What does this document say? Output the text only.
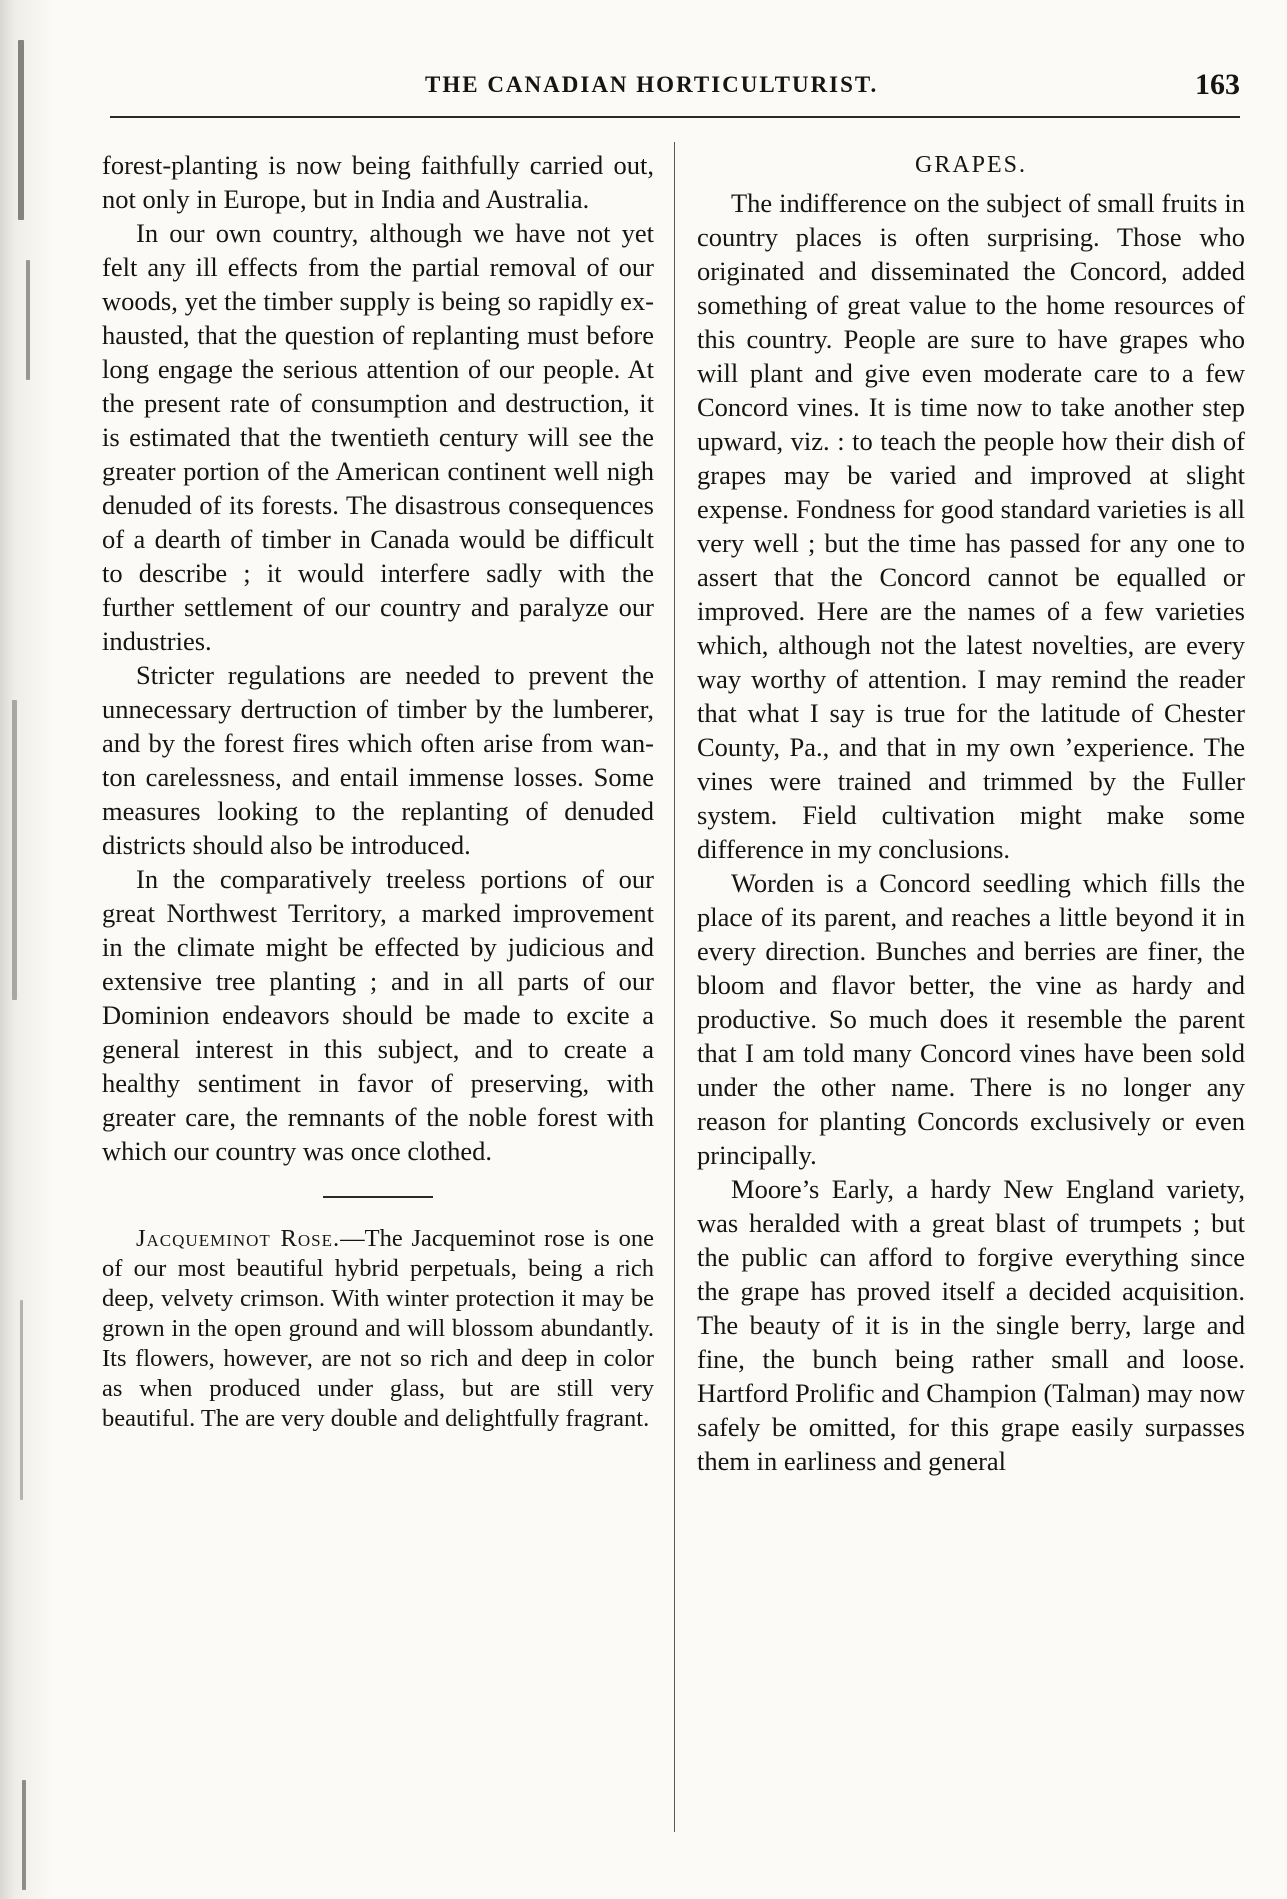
THE CANADIAN HORTICULTURIST.	163

forest-planting is now being faithfully carried out, not only in Europe, but in India and Australia.

In our own country, although we have not yet felt any ill effects from the partial removal of our woods, yet the timber supply is being so rapidly exhausted, that the question of replanting must before long engage the serious attention of our people. At the present rate of consumption and destruction, it is estimated that the twentieth century will see the greater portion of the American continent well nigh denuded of its forests. The disastrous consequences of a dearth of timber in Canada would be difficult to describe ; it would interfere sadly with the further settlement of our country and paralyze our industries.

Stricter regulations are needed to prevent the unnecessary dertruction of timber by the lumberer, and by the forest fires which often arise from wanton carelessness, and entail immense losses. Some measures looking to the replanting of denuded districts should also be introduced.

In the comparatively treeless portions of our great Northwest Territory, a marked improvement in the climate might be effected by judicious and extensive tree planting ; and in all parts of our Dominion endeavors should be made to excite a general interest in this subject, and to create a healthy sentiment in favor of preserving, with greater care, the remnants of the noble forest with which our country was once clothed.

Jacqueminot Rose.—The Jacqueminot rose is one of our most beautiful hybrid perpetuals, being a rich deep, velvety crimson. With winter protection it may be grown in the open ground and will blossom abundantly. Its flowers, however, are not so rich and deep in color as when produced under glass, but are still very beautiful. The are very double and delightfully fragrant.

GRAPES.

The indifference on the subject of small fruits in country places is often surprising. Those who originated and disseminated the Concord, added something of great value to the home resources of this country. People are sure to have grapes who will plant and give even moderate care to a few Concord vines. It is time now to take another step upward, viz. : to teach the people how their dish of grapes may be varied and improved at slight expense. Fondness for good standard varieties is all very well ; but the time has passed for any one to assert that the Concord cannot be equalled or improved. Here are the names of a few varieties which, although not the latest novelties, are every way worthy of attention. I may remind the reader that what I say is true for the latitude of Chester County, Pa., and that in my own ’experience. The vines were trained and trimmed by the Fuller system. Field cultivation might make some difference in my conclusions.

Worden is a Concord seedling which fills the place of its parent, and reaches a little beyond it in every direction. Bunches and berries are finer, the bloom and flavor better, the vine as hardy and productive. So much does it resemble the parent that I am told many Concord vines have been sold under the other name. There is no longer any reason for planting Concords exclusively or even principally.

Moore’s Early, a hardy New England variety, was heralded with a great blast of trumpets ; but the public can afford to forgive everything since the grape has proved itself a decided acquisition. The beauty of it is in the single berry, large and fine, the bunch being rather small and loose. Hartford Prolific and Champion (Talman) may now safely be omitted, for this grape easily surpasses them in earliness and general
